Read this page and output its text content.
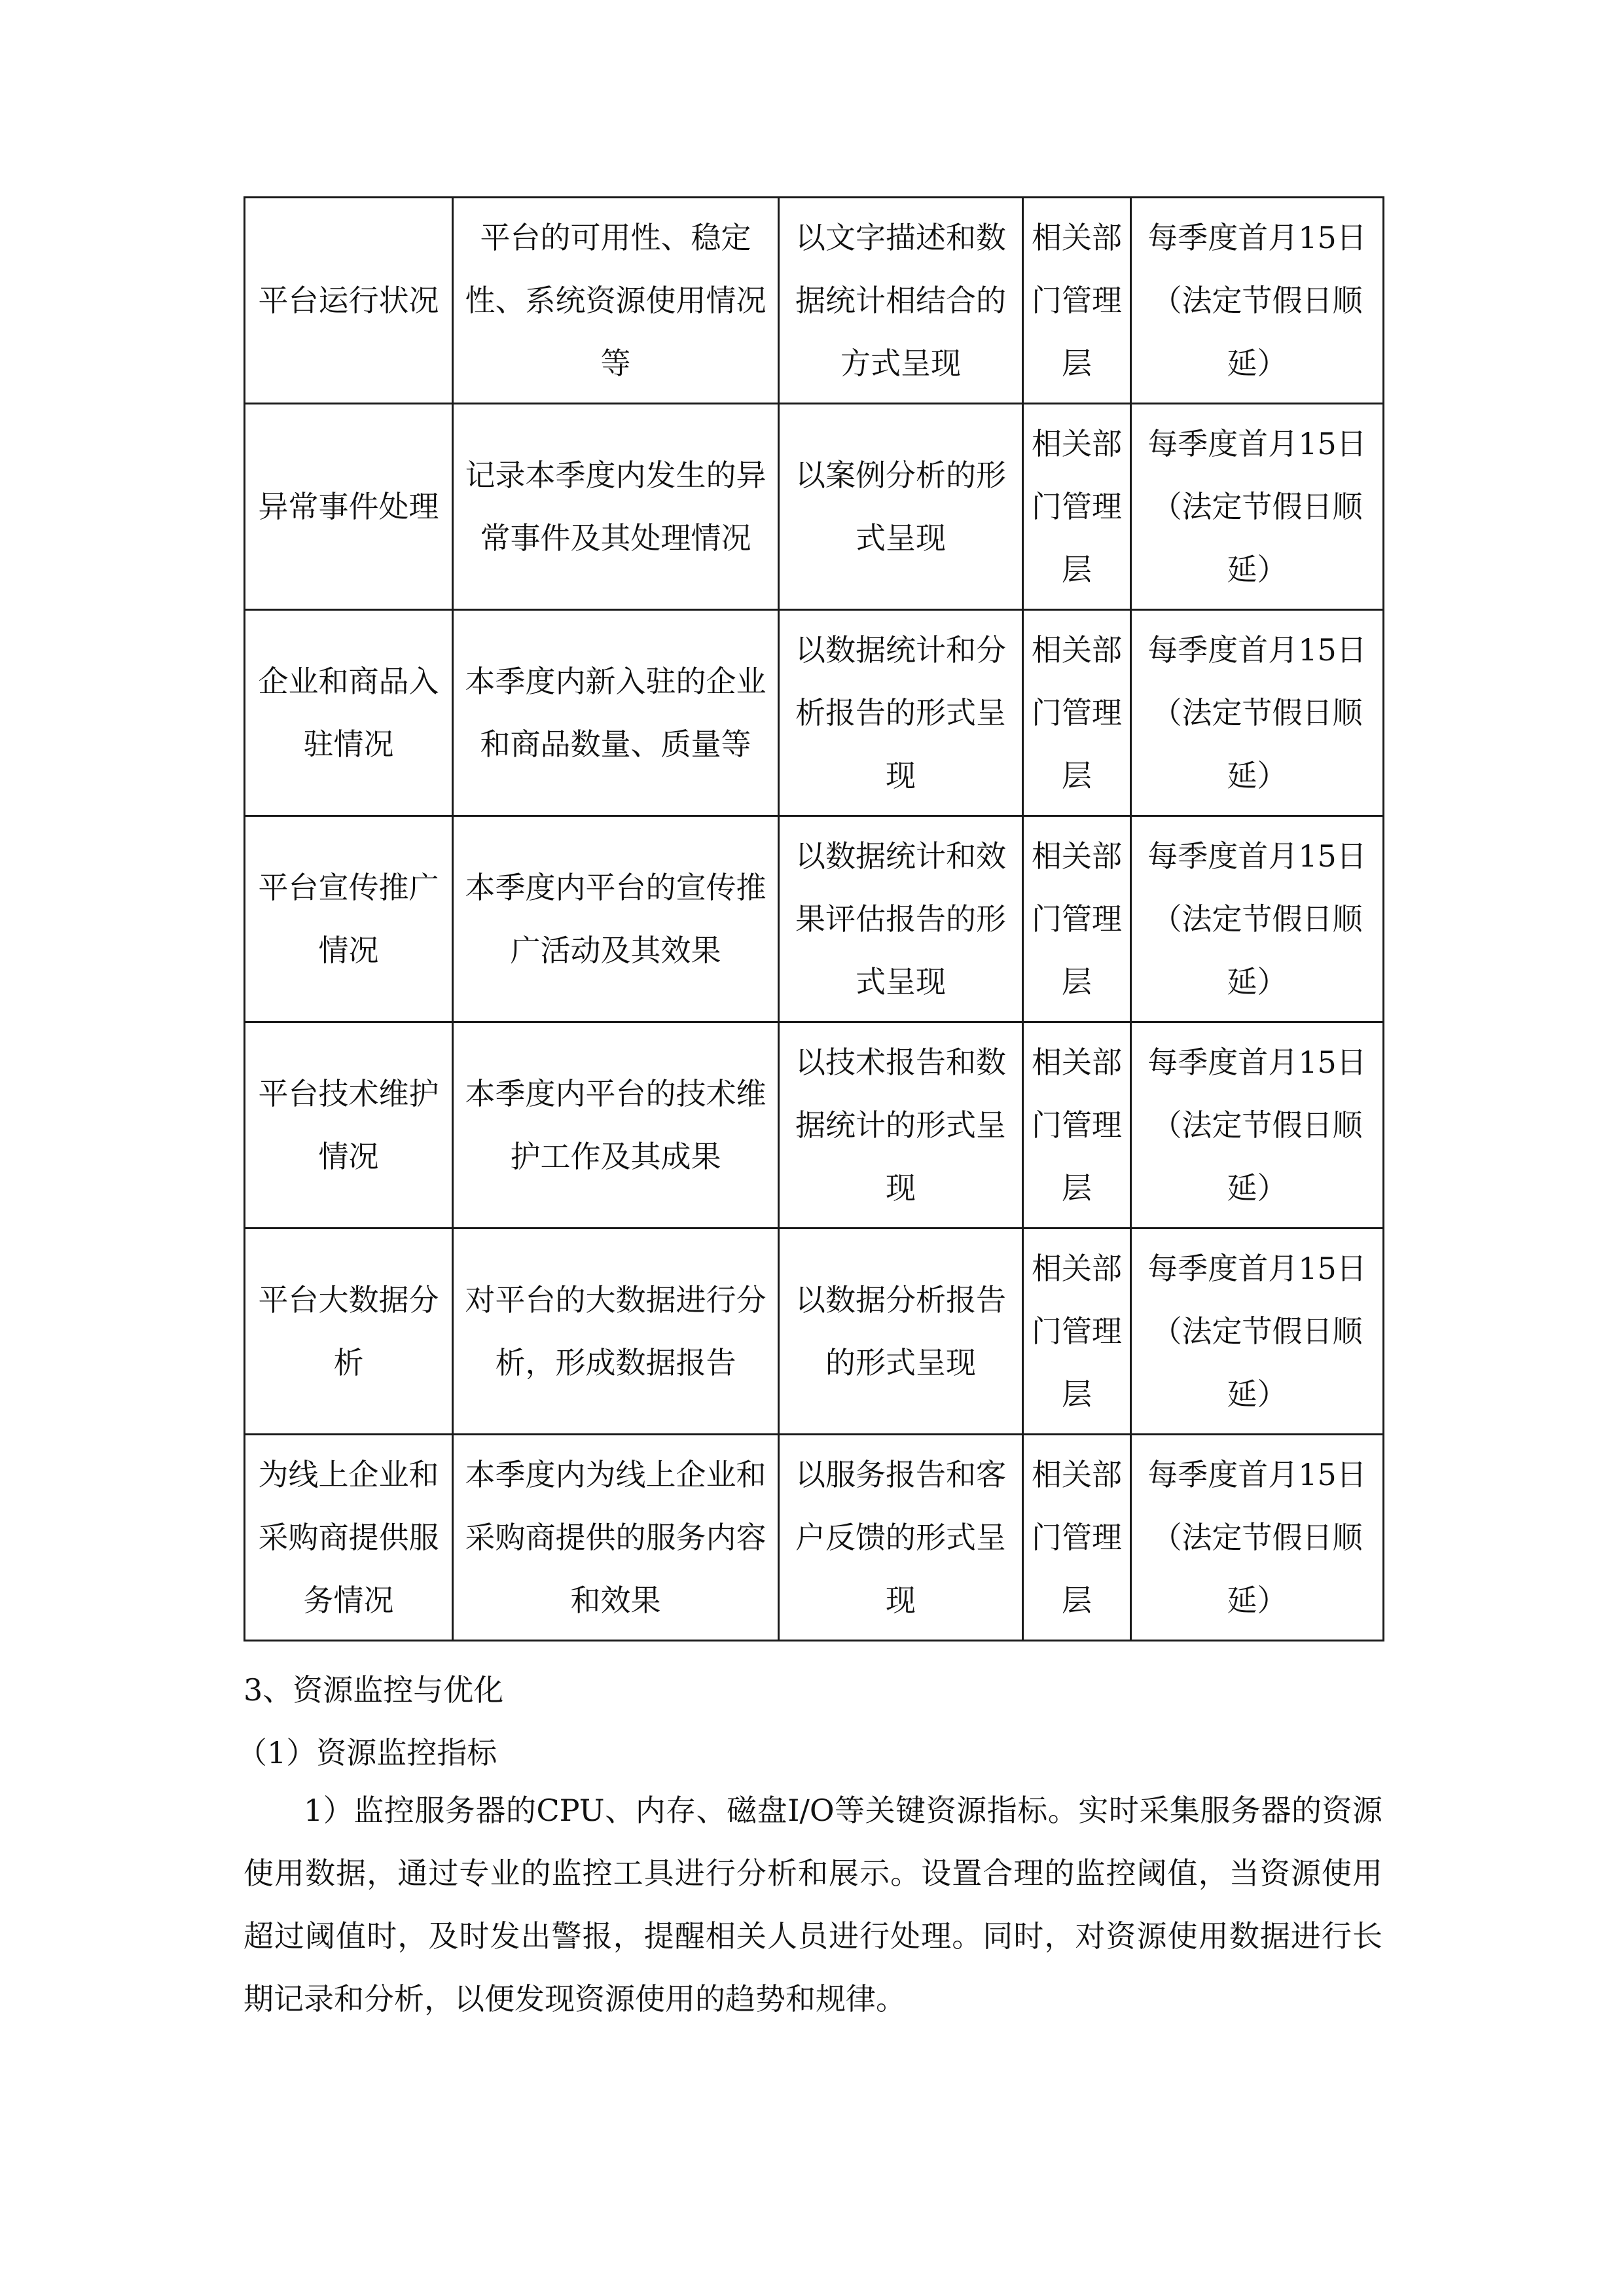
平台运行状况	平台的可用性、稳定性、系统资源使用情况等	以文字描述和数据统计相结合的方式呈现	相关部门管理层	每季度首月15日（法定节假日顺延）
异常事件处理	记录本季度内发生的异常事件及其处理情况	以案例分析的形式呈现	相关部门管理层	每季度首月15日（法定节假日顺延）
企业和商品入驻情况	本季度内新入驻的企业和商品数量、质量等	以数据统计和分析报告的形式呈现	相关部门管理层	每季度首月15日（法定节假日顺延）
平台宣传推广情况	本季度内平台的宣传推广活动及其效果	以数据统计和效果评估报告的形式呈现	相关部门管理层	每季度首月15日（法定节假日顺延）
平台技术维护情况	本季度内平台的技术维护工作及其成果	以技术报告和数据统计的形式呈现	相关部门管理层	每季度首月15日（法定节假日顺延）
平台大数据分析	对平台的大数据进行分析，形成数据报告	以数据分析报告的形式呈现	相关部门管理层	每季度首月15日（法定节假日顺延）
为线上企业和采购商提供服务情况	本季度内为线上企业和采购商提供的服务内容和效果	以服务报告和客户反馈的形式呈现	相关部门管理层	每季度首月15日（法定节假日顺延）
3、资源监控与优化
（1）资源监控指标
1）监控服务器的CPU、内存、磁盘I/O等关键资源指标。实时采集服务器的资源使用数据，通过专业的监控工具进行分析和展示。设置合理的监控阈值，当资源使用超过阈值时，及时发出警报，提醒相关人员进行处理。同时，对资源使用数据进行长期记录和分析，以便发现资源使用的趋势和规律。
